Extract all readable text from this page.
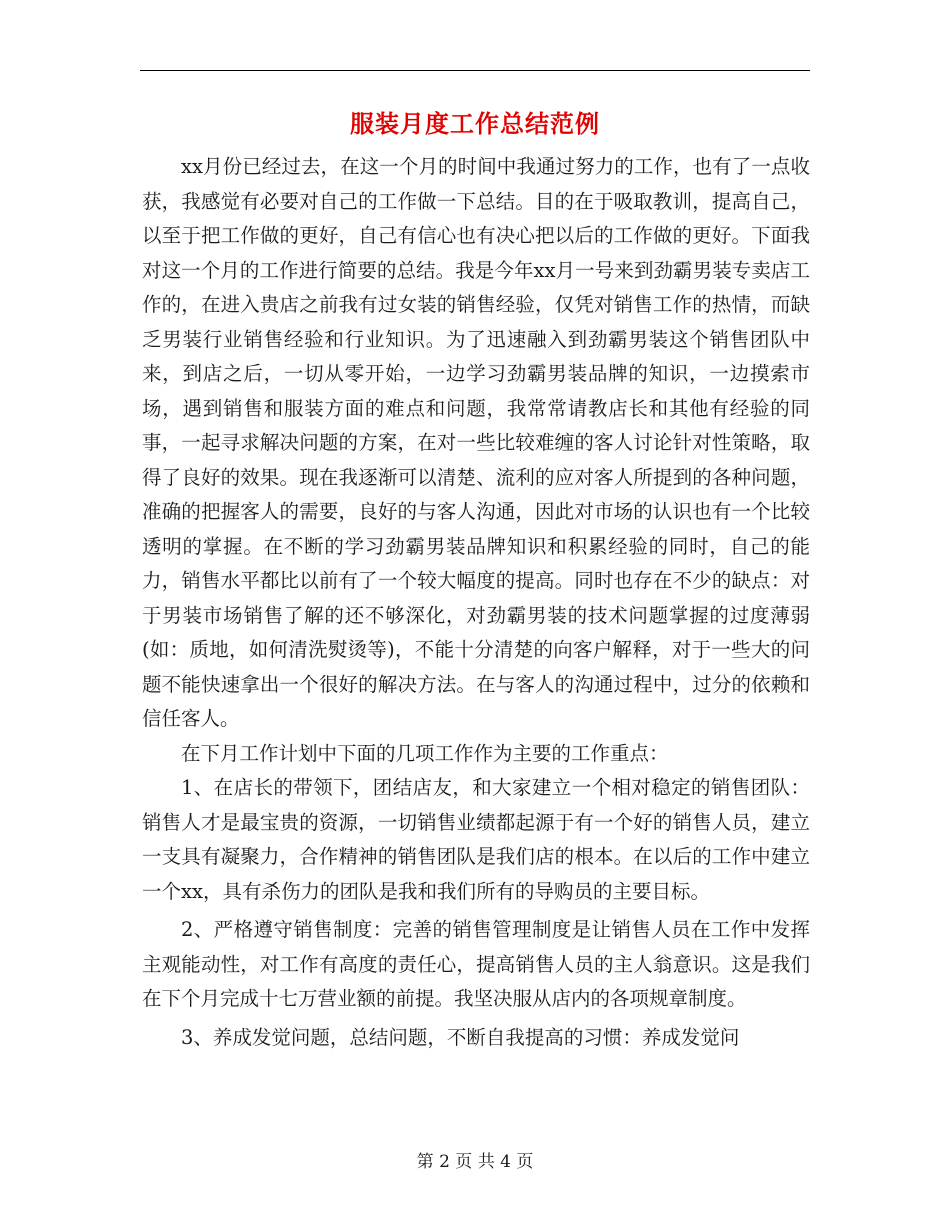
服装月度工作总结范例

xx月份已经过去，在这一个月的时间中我通过努力的工作，也有了一点收获，我感觉有必要对自己的工作做一下总结。目的在于吸取教训，提高自己，以至于把工作做的更好，自己有信心也有决心把以后的工作做的更好。下面我对这一个月的工作进行简要的总结。我是今年xx月一号来到劲霸男装专卖店工作的，在进入贵店之前我有过女装的销售经验，仅凭对销售工作的热情，而缺乏男装行业销售经验和行业知识。为了迅速融入到劲霸男装这个销售团队中来，到店之后，一切从零开始，一边学习劲霸男装品牌的知识，一边摸索市场，遇到销售和服装方面的难点和问题，我常常请教店长和其他有经验的同事，一起寻求解决问题的方案，在对一些比较难缠的客人讨论针对性策略，取得了良好的效果。现在我逐渐可以清楚、流利的应对客人所提到的各种问题，准确的把握客人的需要，良好的与客人沟通，因此对市场的认识也有一个比较透明的掌握。在不断的学习劲霸男装品牌知识和积累经验的同时，自己的能力，销售水平都比以前有了一个较大幅度的提高。同时也存在不少的缺点：对于男装市场销售了解的还不够深化，对劲霸男装的技术问题掌握的过度薄弱(如：质地，如何清洗熨烫等)，不能十分清楚的向客户解释，对于一些大的问题不能快速拿出一个很好的解决方法。在与客人的沟通过程中，过分的依赖和信任客人。

在下月工作计划中下面的几项工作作为主要的工作重点：

1、在店长的带领下，团结店友，和大家建立一个相对稳定的销售团队：销售人才是最宝贵的资源，一切销售业绩都起源于有一个好的销售人员，建立一支具有凝聚力，合作精神的销售团队是我们店的根本。在以后的工作中建立一个xx，具有杀伤力的团队是我和我们所有的导购员的主要目标。

2、严格遵守销售制度：完善的销售管理制度是让销售人员在工作中发挥主观能动性，对工作有高度的责任心，提高销售人员的主人翁意识。这是我们在下个月完成十七万营业额的前提。我坚决服从店内的各项规章制度。

3、养成发觉问题，总结问题，不断自我提高的习惯：养成发觉问

第 2 页 共 4 页
